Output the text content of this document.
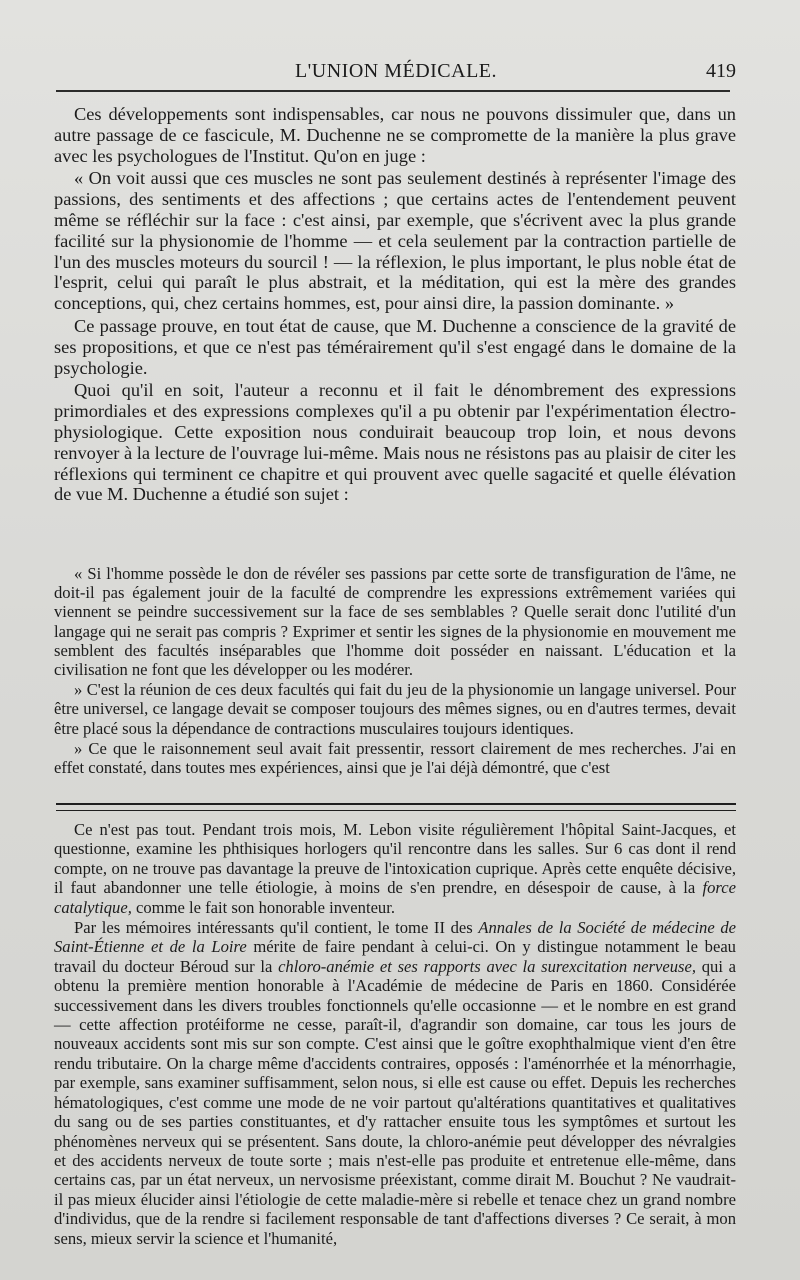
L'UNION MÉDICALE.	419

Ces développements sont indispensables, car nous ne pouvons dissimuler que, dans un autre passage de ce fascicule, M. Duchenne ne se compromette de la manière la plus grave avec les psychologues de l'Institut. Qu'on en juge :

« On voit aussi que ces muscles ne sont pas seulement destinés à représenter l'image des passions, des sentiments et des affections ; que certains actes de l'entendement peuvent même se réfléchir sur la face : c'est ainsi, par exemple, que s'écrivent avec la plus grande facilité sur la physionomie de l'homme — et cela seulement par la contraction partielle de l'un des muscles moteurs du sourcil ! — la réflexion, le plus important, le plus noble état de l'esprit, celui qui paraît le plus abstrait, et la méditation, qui est la mère des grandes conceptions, qui, chez certains hommes, est, pour ainsi dire, la passion dominante. »

Ce passage prouve, en tout état de cause, que M. Duchenne a conscience de la gravité de ses propositions, et que ce n'est pas témérairement qu'il s'est engagé dans le domaine de la psychologie.

Quoi qu'il en soit, l'auteur a reconnu et il fait le dénombrement des expressions primordiales et des expressions complexes qu'il a pu obtenir par l'expérimentation électro-physiologique. Cette exposition nous conduirait beaucoup trop loin, et nous devons renvoyer à la lecture de l'ouvrage lui-même. Mais nous ne résistons pas au plaisir de citer les réflexions qui terminent ce chapitre et qui prouvent avec quelle sagacité et quelle élévation de vue M. Duchenne a étudié son sujet :

« Si l'homme possède le don de révéler ses passions par cette sorte de transfiguration de l'âme, ne doit-il pas également jouir de la faculté de comprendre les expressions extrêmement variées qui viennent se peindre successivement sur la face de ses semblables ? Quelle serait donc l'utilité d'un langage qui ne serait pas compris ? Exprimer et sentir les signes de la physionomie en mouvement me semblent des facultés inséparables que l'homme doit posséder en naissant. L'éducation et la civilisation ne font que les développer ou les modérer.

» C'est la réunion de ces deux facultés qui fait du jeu de la physionomie un langage universel. Pour être universel, ce langage devait se composer toujours des mêmes signes, ou en d'autres termes, devait être placé sous la dépendance de contractions musculaires toujours identiques.

» Ce que le raisonnement seul avait fait pressentir, ressort clairement de mes recherches. J'ai en effet constaté, dans toutes mes expériences, ainsi que je l'ai déjà démontré, que c'est

Ce n'est pas tout. Pendant trois mois, M. Lebon visite régulièrement l'hôpital Saint-Jacques, et questionne, examine les phthisiques horlogers qu'il rencontre dans les salles. Sur 6 cas dont il rend compte, on ne trouve pas davantage la preuve de l'intoxication cuprique. Après cette enquête décisive, il faut abandonner une telle étiologie, à moins de s'en prendre, en désespoir de cause, à la force catalytique, comme le fait son honorable inventeur.

Par les mémoires intéressants qu'il contient, le tome II des Annales de la Société de médecine de Saint-Étienne et de la Loire mérite de faire pendant à celui-ci. On y distingue notamment le beau travail du docteur Béroud sur la chloro-anémie et ses rapports avec la surexcitation nerveuse, qui a obtenu la première mention honorable à l'Académie de médecine de Paris en 1860. Considérée successivement dans les divers troubles fonctionnels qu'elle occasionne — et le nombre en est grand — cette affection protéiforme ne cesse, paraît-il, d'agrandir son domaine, car tous les jours de nouveaux accidents sont mis sur son compte. C'est ainsi que le goître exophthalmique vient d'en être rendu tributaire. On la charge même d'accidents contraires, opposés : l'aménorrhée et la ménorrhagie, par exemple, sans examiner suffisamment, selon nous, si elle est cause ou effet. Depuis les recherches hématologiques, c'est comme une mode de ne voir partout qu'altérations quantitatives et qualitatives du sang ou de ses parties constituantes, et d'y rattacher ensuite tous les symptômes et surtout les phénomènes nerveux qui se présentent. Sans doute, la chloro-anémie peut développer des névralgies et des accidents nerveux de toute sorte ; mais n'est-elle pas produite et entretenue elle-même, dans certains cas, par un état nerveux, un nervosisme préexistant, comme dirait M. Bouchut ? Ne vaudrait-il pas mieux élucider ainsi l'étiologie de cette maladie-mère si rebelle et tenace chez un grand nombre d'individus, que de la rendre si facilement responsable de tant d'affections diverses ? Ce serait, à mon sens, mieux servir la science et l'humanité,
